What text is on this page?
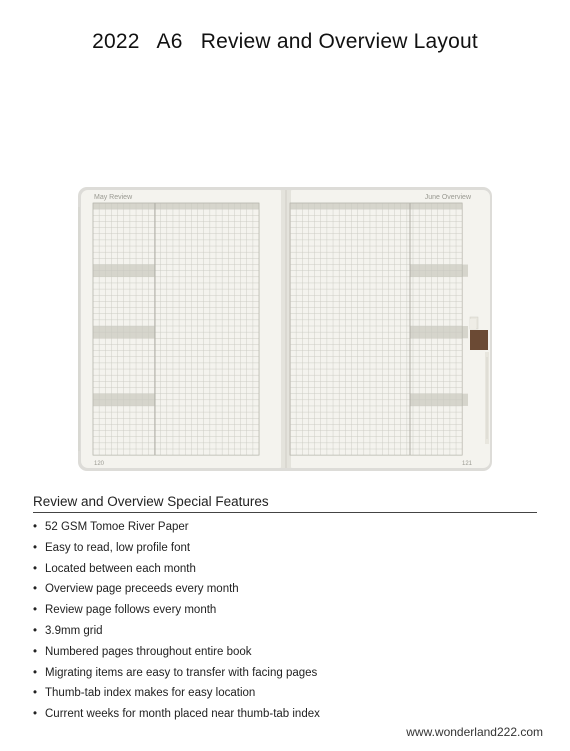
2022   A6   Review and Overview Layout
May Review	June Overview
120	121
Review and Overview Special Features
• 52 GSM Tomoe River Paper
• Easy to read, low profile font
• Located between each month
• Overview page preceeds every month
• Review page follows every month
• 3.9mm grid
• Numbered pages throughout entire book
• Migrating items are easy to transfer with facing pages
• Thumb-tab index makes for easy location
• Current weeks for month placed near thumb-tab index
www.wonderland222.com
